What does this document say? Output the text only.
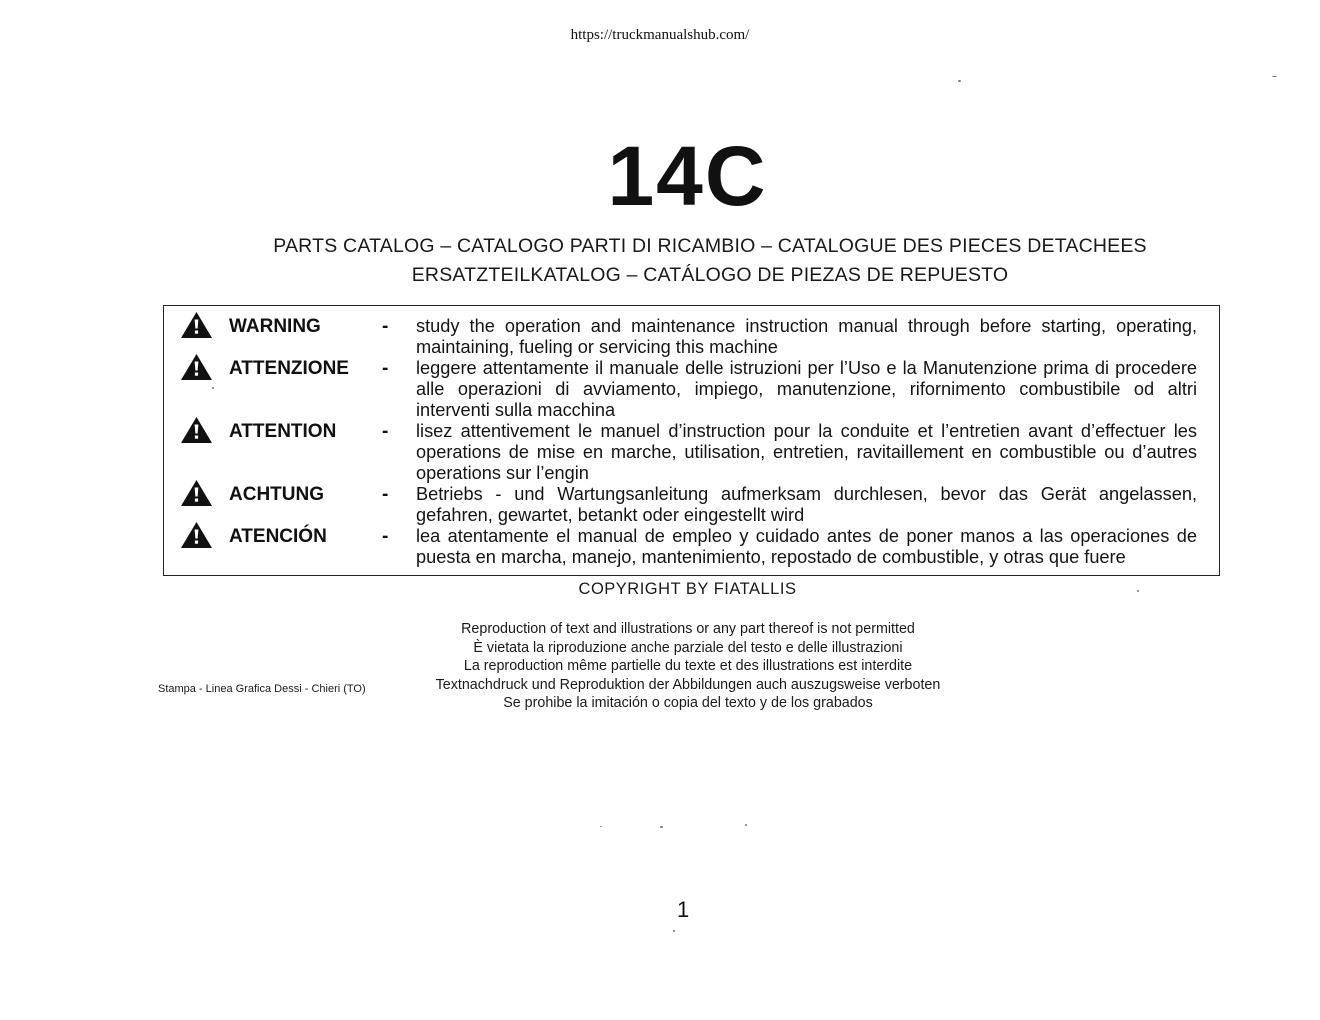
https://truckmanualshub.com/
14C
PARTS CATALOG – CATALOGO PARTI DI RICAMBIO – CATALOGUE DES PIECES DETACHEES
ERSATZTEILKATALOG – CATÁLOGO DE PIEZAS DE REPUESTO
WARNING	- study the operation and maintenance instruction manual through before starting, operating, maintaining, fueling or servicing this machine
ATTENZIONE - leggere attentamente il manuale delle istruzioni per l’Uso e la Manutenzione prima di procedere alle operazioni di avviamento, impiego, manutenzione, rifornimento combustibile od altri interventi sulla macchina
ATTENTION - lisez attentivement le manuel d’instruction pour la conduite et l’entretien avant d’effectuer les operations de mise en marche, utilisation, entretien, ravitaillement en combustible ou d’autres operations sur l’engin
ACHTUNG	- Betriebs - und Wartungsanleitung aufmerksam durchlesen, bevor das Gerät angelassen, gefahren, gewartet, betankt oder eingestellt wird
ATENCIÓN	- lea atentamente el manual de empleo y cuidado antes de poner manos a las operaciones de puesta en marcha, manejo, mantenimiento, repostado de combustible, y otras que fuere
COPYRIGHT BY FIATALLIS
Reproduction of text and illustrations or any part thereof is not permitted
È vietata la riproduzione anche parziale del testo e delle illustrazioni
La reproduction même partielle du texte et des illustrations est interdite
Textnachdruck und Reproduktion der Abbildungen auch auszugsweise verboten
Se prohibe la imitación o copia del texto y de los grabados
Stampa - Linea Grafica Dessi - Chieri (TO)
1
